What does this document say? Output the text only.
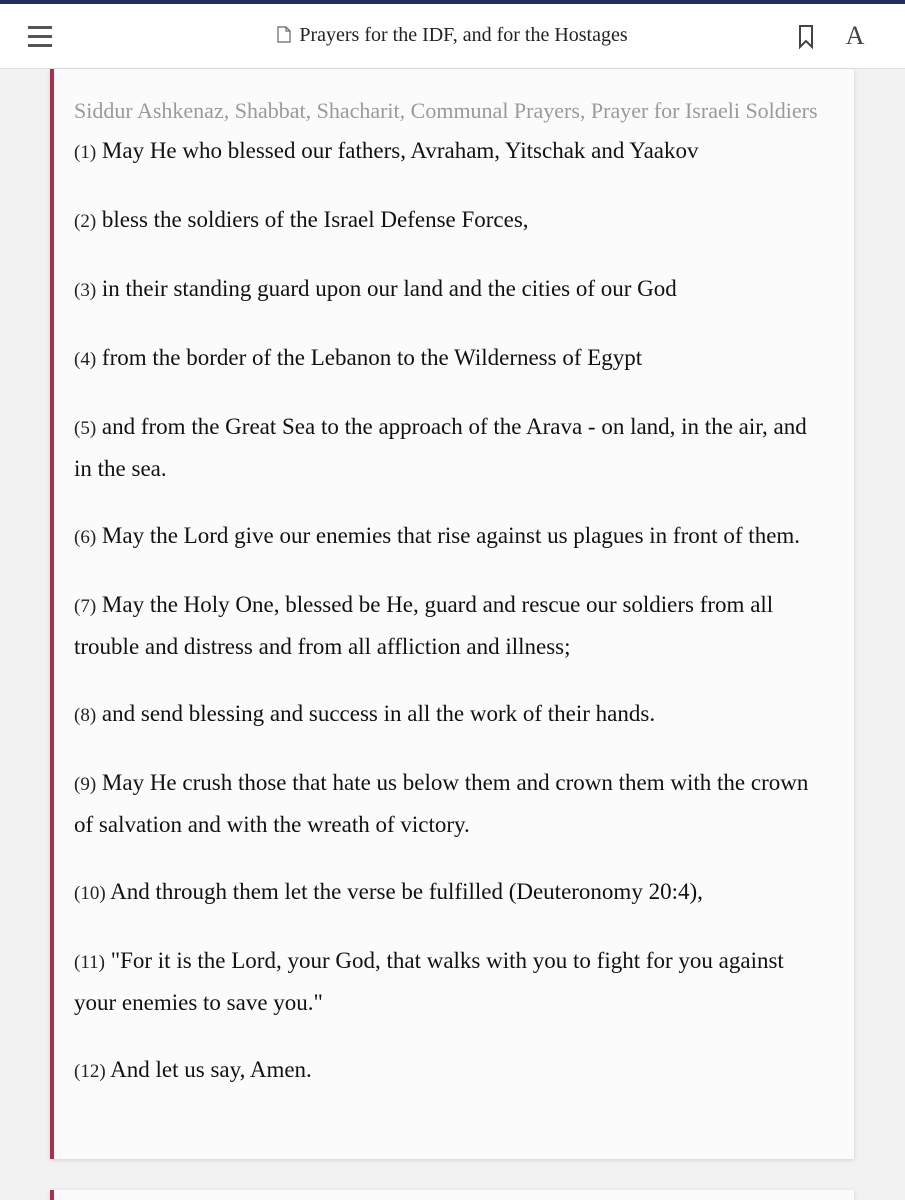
Prayers for the IDF, and for the Hostages	A
Siddur Ashkenaz, Shabbat, Shacharit, Communal Prayers, Prayer for Israeli Soldiers

(1) May He who blessed our fathers, Avraham, Yitschak and Yaakov

(2) bless the soldiers of the Israel Defense Forces,

(3) in their standing guard upon our land and the cities of our God

(4) from the border of the Lebanon to the Wilderness of Egypt

(5) and from the Great Sea to the approach of the Arava - on land, in the air, and in the sea.

(6) May the Lord give our enemies that rise against us plagues in front of them.

(7) May the Holy One, blessed be He, guard and rescue our soldiers from all trouble and distress and from all affliction and illness;

(8) and send blessing and success in all the work of their hands.

(9) May He crush those that hate us below them and crown them with the crown of salvation and with the wreath of victory.

(10) And through them let the verse be fulfilled (Deuteronomy 20:4),

(11) "For it is the Lord, your God, that walks with you to fight for you against your enemies to save you."

(12) And let us say, Amen.
